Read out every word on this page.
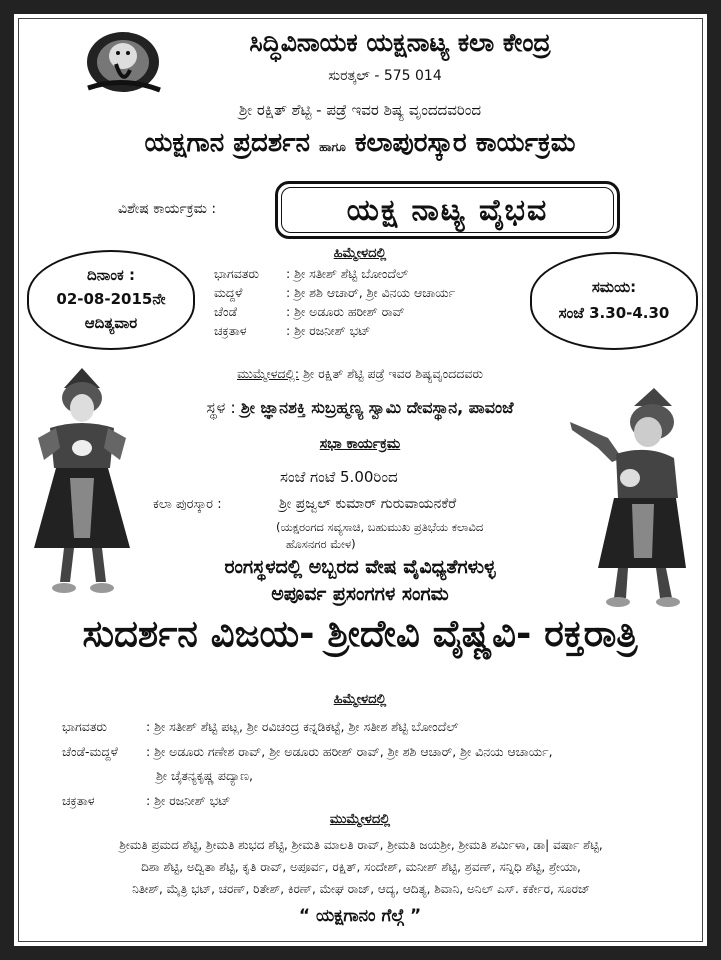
ಸಿದ್ಧಿವಿನಾಯಕ ಯಕ್ಷನಾಟ್ಯ ಕಲಾ ಕೇಂದ್ರ
ಸುರತ್ಕಲ್ - 575 014
ಶ್ರೀ ರಕ್ಷಿತ್ ಶೆಟ್ಟಿ - ಪಡ್ರೆ ಇವರ ಶಿಷ್ಯ ವೃಂದದವರಿಂದ
ಯಕ್ಷಗಾನ ಪ್ರದರ್ಶನ ಹಾಗೂ ಕಲಾಪುರಸ್ಕಾರ ಕಾರ್ಯಕ್ರಮ
ವಿಶೇಷ ಕಾರ್ಯಕ್ರಮ :	ಯಕ್ಷ ನಾಟ್ಯ ವೈಭವ
ದಿನಾಂಕ :
02-08-2015ನೇ
ಆದಿತ್ಯವಾರ
ಸಮಯ:
ಸಂಜೆ 3.30-4.30
ಹಿಮ್ಮೇಳದಲ್ಲಿ
ಭಾಗವತರು : ಶ್ರೀ ಸತೀಶ್ ಶೆಟ್ಟಿ ಬೋಂದೆಲ್
ಮದ್ದಳೆ	: ಶ್ರೀ ಶಶಿ ಆಚಾರ್, ಶ್ರೀ ವಿನಯ ಆಚಾರ್ಯ
ಚೆಂಡೆ	: ಶ್ರೀ ಅಡೂರು ಹರೀಶ್ ರಾವ್
ಚಕ್ರತಾಳ	: ಶ್ರೀ ರಜನೀಶ್ ಭಟ್
ಮುಮ್ಮೇಳದಲ್ಲಿ: ಶ್ರೀ ರಕ್ಷಿತ್ ಶೆಟ್ಟಿ ಪಡ್ರೆ ಇವರ ಶಿಷ್ಯವೃಂದದವರು
ಸ್ಥಳ : ಶ್ರೀ ಜ್ಞಾನಶಕ್ತಿ ಸುಬ್ರಹ್ಮಣ್ಯ ಸ್ವಾಮಿ ದೇವಸ್ಥಾನ, ಪಾವಂಜೆ
ಸಭಾ ಕಾರ್ಯಕ್ರಮ
ಸಂಜೆ ಗಂಟೆ 5.00ರಿಂದ
ಕಲಾ ಪುರಸ್ಕಾರ :	ಶ್ರೀ ಪ್ರಜ್ವಲ್ ಕುಮಾರ್ ಗುರುವಾಯನಕೆರೆ
(ಯಕ್ಷರಂಗದ ಸವ್ಯಸಾಚಿ, ಬಹುಮುಖ ಪ್ರತಿಭೆಯ ಕಲಾವಿದ
ಹೊಸನಗರ ಮೇಳ)
ರಂಗಸ್ಥಳದಲ್ಲಿ ಅಬ್ಬರದ ವೇಷ ವೈವಿಧ್ಯತೆಗಳುಳ್ಳ
ಅಪೂರ್ವ ಪ್ರಸಂಗಗಳ ಸಂಗಮ
ಸುದರ್ಶನ ವಿಜಯ- ಶ್ರೀದೇವಿ ವೈಷ್ಣವಿ- ರಕ್ತರಾತ್ರಿ
ಹಿಮ್ಮೇಳದಲ್ಲಿ
ಭಾಗವತರು	: ಶ್ರೀ ಸತೀಶ್ ಶೆಟ್ಟಿ ಪಟ್ಲ, ಶ್ರೀ ರವಿಚಂದ್ರ ಕನ್ನಡಿಕಟ್ಟೆ, ಶ್ರೀ ಸತೀಶ ಶೆಟ್ಟಿ ಬೋಂದೆಲ್
ಚೆಂಡೆ-ಮದ್ದಳೆ : ಶ್ರೀ ಅಡೂರು ಗಣೇಶ ರಾವ್, ಶ್ರೀ ಅಡೂರು ಹರೀಶ್ ರಾವ್, ಶ್ರೀ ಶಶಿ ಆಚಾರ್, ಶ್ರೀ ವಿನಯ ಆಚಾರ್ಯ,
ಶ್ರೀ ಚೈತನ್ಯಕೃಷ್ಣ ಪದ್ಯಾಣ,
ಚಕ್ರತಾಳ	: ಶ್ರೀ ರಜನೀಶ್ ಭಟ್
ಮುಮ್ಮೇಳದಲ್ಲಿ
ಶ್ರೀಮತಿ ಪ್ರಮದ ಶೆಟ್ಟಿ, ಶ್ರೀಮತಿ ಶುಭದ ಶೆಟ್ಟಿ, ಶ್ರೀಮತಿ ಮಾಲತಿ ರಾವ್, ಶ್ರೀಮತಿ ಜಯಶ್ರೀ, ಶ್ರೀಮತಿ ಶರ್ಮಿಳಾ, ಡಾ| ವರ್ಷಾ ಶೆಟ್ಟಿ,
ದಿಶಾ ಶೆಟ್ಟಿ, ಅದ್ವಿತಾ ಶೆಟ್ಟಿ, ಕೃತಿ ರಾವ್, ಅಪೂರ್ವ, ರಕ್ಷಿತ್, ಸಂದೇಶ್, ಮನೀಶ್ ಶೆಟ್ಟಿ, ಶ್ರವಣ್, ಸನ್ನಿಧಿ ಶೆಟ್ಟಿ, ಶ್ರೇಯಾ,
ನಿತೀಶ್, ಮೈತ್ರಿ ಭಟ್, ಚರಣ್, ರಿತೇಶ್, ಕಿರಣ್, ಮೇಘ ರಾಜ್, ಆದ್ಯ, ಆದಿತ್ಯ, ಶಿವಾನಿ, ಅನಿಲ್ ಎಸ್. ಕರ್ಕೇರ, ಸೂರಜ್
“ ಯಕ್ಷಗಾನಂ ಗೆಲ್ಗೆ ”
